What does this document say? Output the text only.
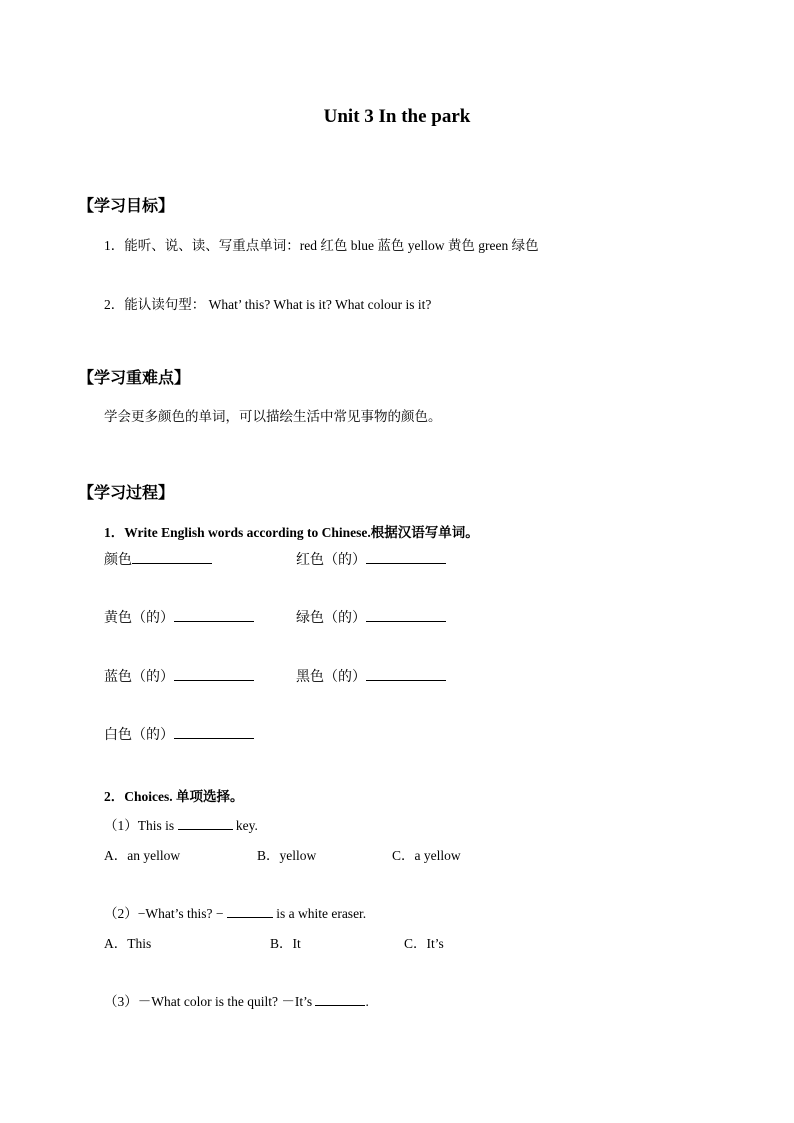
Unit 3 In the park
【学习目标】
1．能听、说、读、写重点单词：red 红色 blue 蓝色 yellow 黄色 green 绿色
2．能认读句型： What’ this? What is it? What colour is it?
【学习重难点】
学会更多颜色的单词，可以描绘生活中常见事物的颜色。
【学习过程】
1．Write English words according to Chinese.根据汉语写单词。
颜色	红色（的）
黄色（的）	绿色（的）
蓝色（的）	黑色（的）
白色（的）
2．Choices. 单项选择。
（1）This is	key.
A．an yellow	B．yellow	C．a yellow
（2）−What’s this? −	is a white eraser.
A．This	B．It	C．It’s
（3）－What color is the quilt? －It’s	.
